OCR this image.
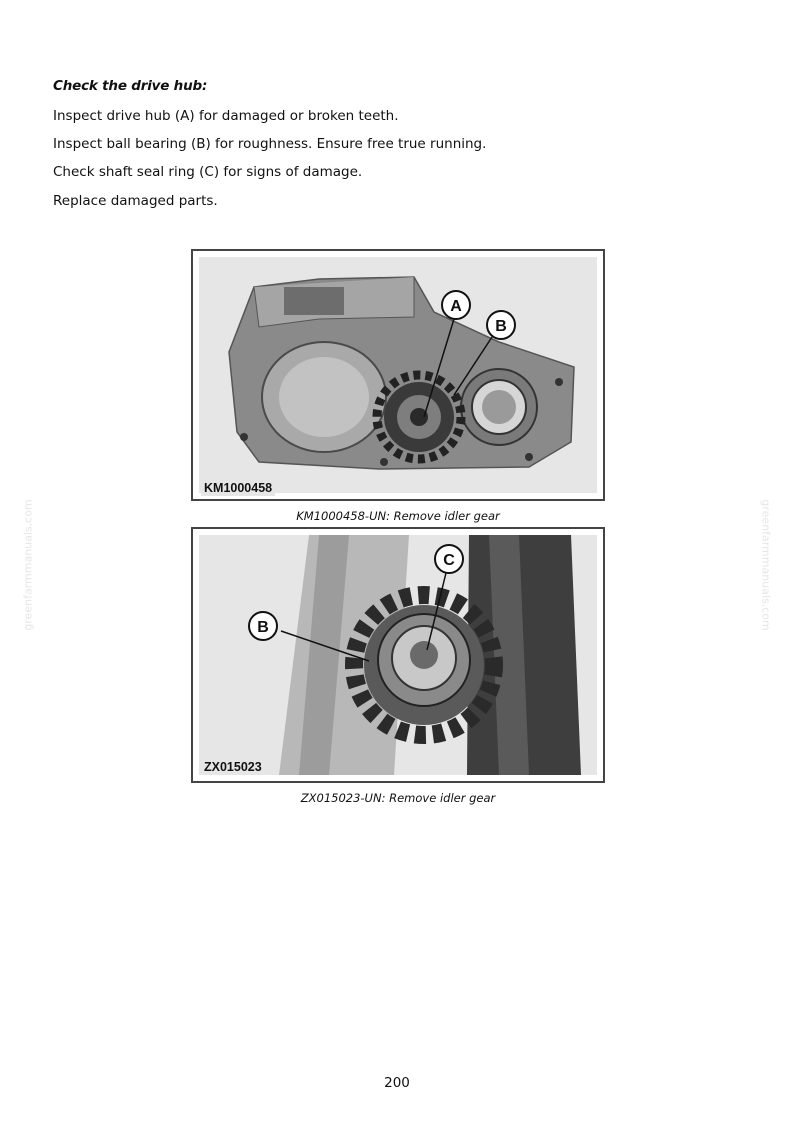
Check the drive hub:
Inspect drive hub (A) for damaged or broken teeth.
Inspect ball bearing (B) for roughness. Ensure free true running.
Check shaft seal ring (C) for signs of damage.
Replace damaged parts.
A
B
KM1000458
KM1000458-UN: Remove idler gear
C
B
ZX015023
ZX015023-UN: Remove idler gear
greenfarmmanuals.com	greenfarmmanuals.com
200
